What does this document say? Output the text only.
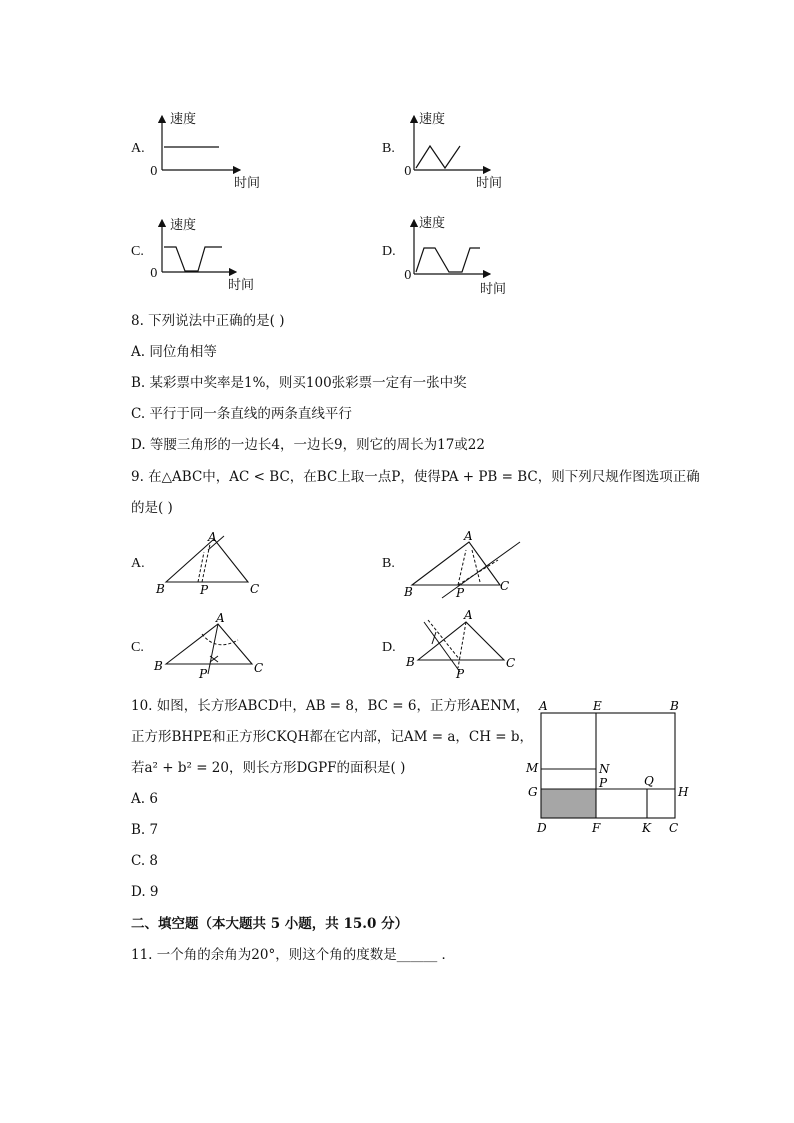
A.
速度
0
时间
B.
速度
0
时间
C.
速度
0
时间
D.
速度
0
时间
8. 下列说法中正确的是( )
A. 同位角相等
B. 某彩票中奖率是1%，则买100张彩票一定有一张中奖
C. 平行于同一条直线的两条直线平行
D. 等腰三角形的一边长4，一边长9，则它的周长为17或22
9. 在△ABC中，AC < BC，在BC上取一点P，使得PA + PB = BC，则下列尺规作图选项正确
的是( )
A.
B
A
C
P
B.
B
A
C
P
C.
B
A
C
P
D.
B
A
C
P
10. 如图，长方形ABCD中，AB = 8，BC = 6，正方形AENM，
正方形BHPE和正方形CKQH都在它内部，记AM = a，CH = b，
若a² + b² = 20，则长方形DGPF的面积是( )
A. 6
B. 7
C. 8
D. 9
A	E	B
M	N
G
P	Q
H
D	F	K C
二、填空题（本大题共 5 小题，共 15.0 分）
11. 一个角的余角为20°，则这个角的度数是______ ．
